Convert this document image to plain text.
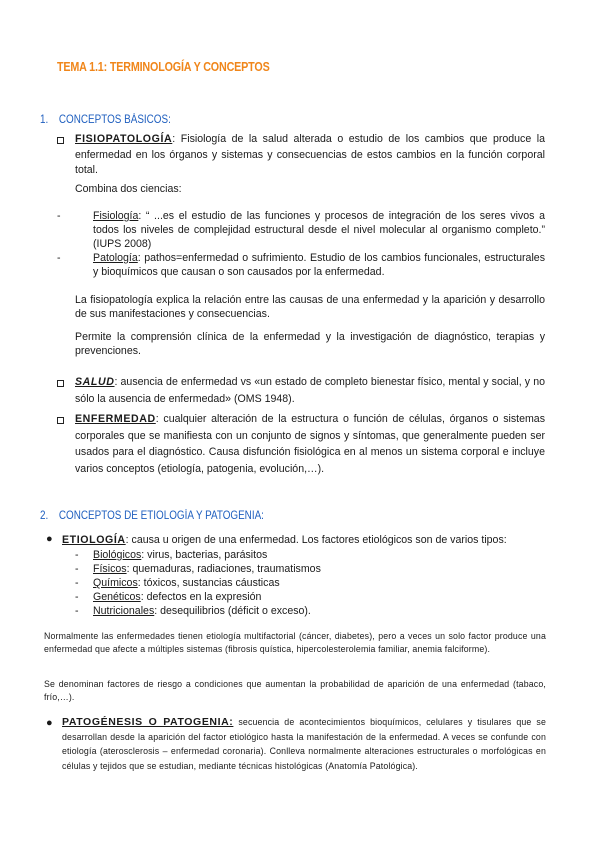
TEMA 1.1: TERMINOLOGÍA Y CONCEPTOS
1. CONCEPTOS BÁSICOS:
FISIOPATOLOGÍA: Fisiología de la salud alterada o estudio de los cambios que produce la enfermedad en los órganos y sistemas y consecuencias de estos cambios en la función corporal total.
Combina dos ciencias:
-	Fisiología: “ ...es el estudio de las funciones y procesos de integración de los seres vivos a todos los niveles de complejidad estructural desde el nivel molecular al organismo completo.” (IUPS 2008)
-	Patología: pathos=enfermedad o sufrimiento. Estudio de los cambios funcionales, estructurales y bioquímicos que causan o son causados por la enfermedad.
La fisiopatología explica la relación entre las causas de una enfermedad y la aparición y desarrollo de sus manifestaciones y consecuencias.
Permite la comprensión clínica de la enfermedad y la investigación de diagnóstico, terapias y prevenciones.
SALUD: ausencia de enfermedad vs «un estado de completo bienestar físico, mental y social, y no sólo la ausencia de enfermedad» (OMS 1948).
ENFERMEDAD: cualquier alteración de la estructura o función de células, órganos o sistemas corporales que se manifiesta con un conjunto de signos y síntomas, que generalmente pueden ser usados para el diagnóstico. Causa disfunción fisiológica en al menos un sistema corporal e incluye varios conceptos (etiología, patogenia, evolución,…).
2. CONCEPTOS DE ETIOLOGÍA Y PATOGENIA:
● ETIOLOGÍA: causa u origen de una enfermedad. Los factores etiológicos son de varios tipos:
- Biológicos: virus, bacterias, parásitos
- Físicos: quemaduras, radiaciones, traumatismos
- Químicos: tóxicos, sustancias cáusticas
- Genéticos: defectos en la expresión
- Nutricionales: desequilibrios (déficit o exceso).
Normalmente las enfermedades tienen etiología multifactorial (cáncer, diabetes), pero a veces un solo factor produce una enfermedad que afecte a múltiples sistemas (fibrosis quística, hipercolesterolemia familiar, anemia falciforme).
Se denominan factores de riesgo a condiciones que aumentan la probabilidad de aparición de una enfermedad (tabaco, frío,…).
● PATOGÉNESIS O PATOGENIA: secuencia de acontecimientos bioquímicos, celulares y tisulares que se desarrollan desde la aparición del factor etiológico hasta la manifestación de la enfermedad. A veces se confunde con etiología (aterosclerosis – enfermedad coronaria). Conlleva normalmente alteraciones estructurales o morfológicas en células y tejidos que se estudian, mediante técnicas histológicas (Anatomía Patológica).
